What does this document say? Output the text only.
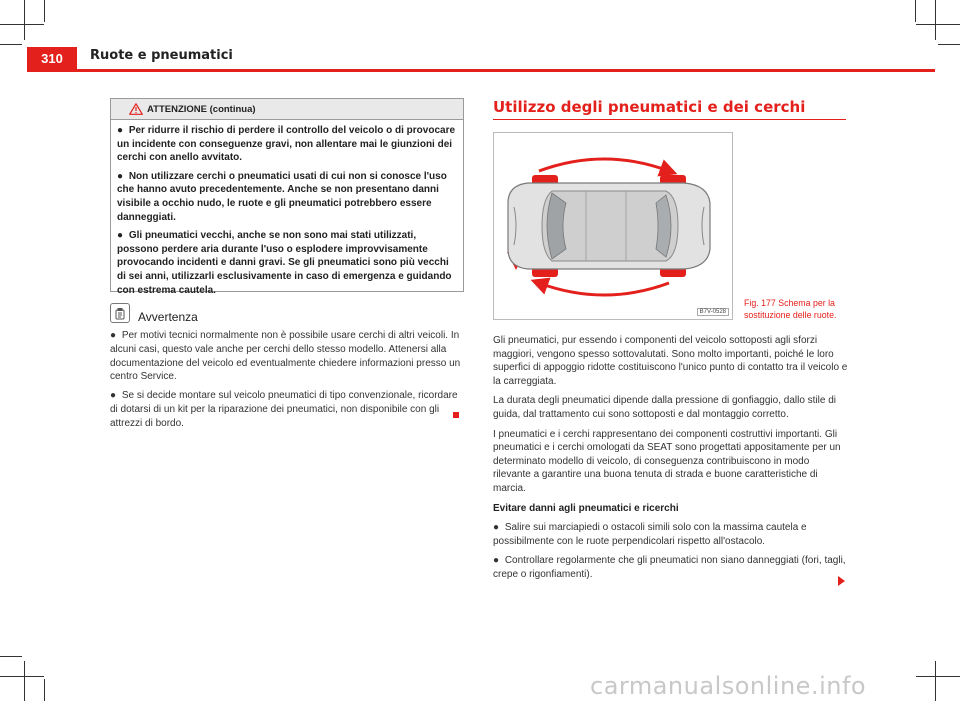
310	Ruote e pneumatici
ATTENZIONE (continua)

● Per ridurre il rischio di perdere il controllo del veicolo o di provocare un incidente con conseguenze gravi, non allentare mai le giunzioni dei cerchi con anello avvitato.

● Non utilizzare cerchi o pneumatici usati di cui non si conosce l'uso che hanno avuto precedentemente. Anche se non presentano danni visibile a occhio nudo, le ruote e gli pneumatici potrebbero essere danneggiati.

● Gli pneumatici vecchi, anche se non sono mai stati utilizzati, possono perdere aria durante l'uso o esplodere improvvisamente provocando incidenti e danni gravi. Se gli pneumatici sono più vecchi di sei anni, utilizzarli esclusivamente in caso di emergenza e guidando con estrema cautela.

Avvertenza

● Per motivi tecnici normalmente non è possibile usare cerchi di altri veicoli. In alcuni casi, questo vale anche per cerchi dello stesso modello. Attenersi alla documentazione del veicolo ed eventualmente chiedere informazioni presso un centro Service.

● Se si decide montare sul veicolo pneumatici di tipo convenzionale, ricordare di dotarsi di un kit per la riparazione dei pneumatici, non disponibile con gli attrezzi di bordo.

Utilizzo degli pneumatici e dei cerchi
B7V-0528
Fig. 177 Schema per la sostituzione delle ruote.

Gli pneumatici, pur essendo i componenti del veicolo sottoposti agli sforzi maggiori, vengono spesso sottovalutati. Sono molto importanti, poiché le loro superfici di appoggio ridotte costituiscono l'unico punto di contatto tra il veicolo e la carreggiata.

La durata degli pneumatici dipende dalla pressione di gonfiaggio, dallo stile di guida, dal trattamento cui sono sottoposti e dal montaggio corretto.

I pneumatici e i cerchi rappresentano dei componenti costruttivi importanti. Gli pneumatici e i cerchi omologati da SEAT sono progettati appositamente per un determinato modello di veicolo, di conseguenza contribuiscono in modo rilevante a garantire una buona tenuta di strada e buone caratteristiche di marcia.

Evitare danni agli pneumatici e ricerchi

● Salire sui marciapiedi o ostacoli simili solo con la massima cautela e possibilmente con le ruote perpendicolari rispetto all'ostacolo.

● Controllare regolarmente che gli pneumatici non siano danneggiati (fori, tagli, crepe o rigonfiamenti).

carmanualsonline.info
